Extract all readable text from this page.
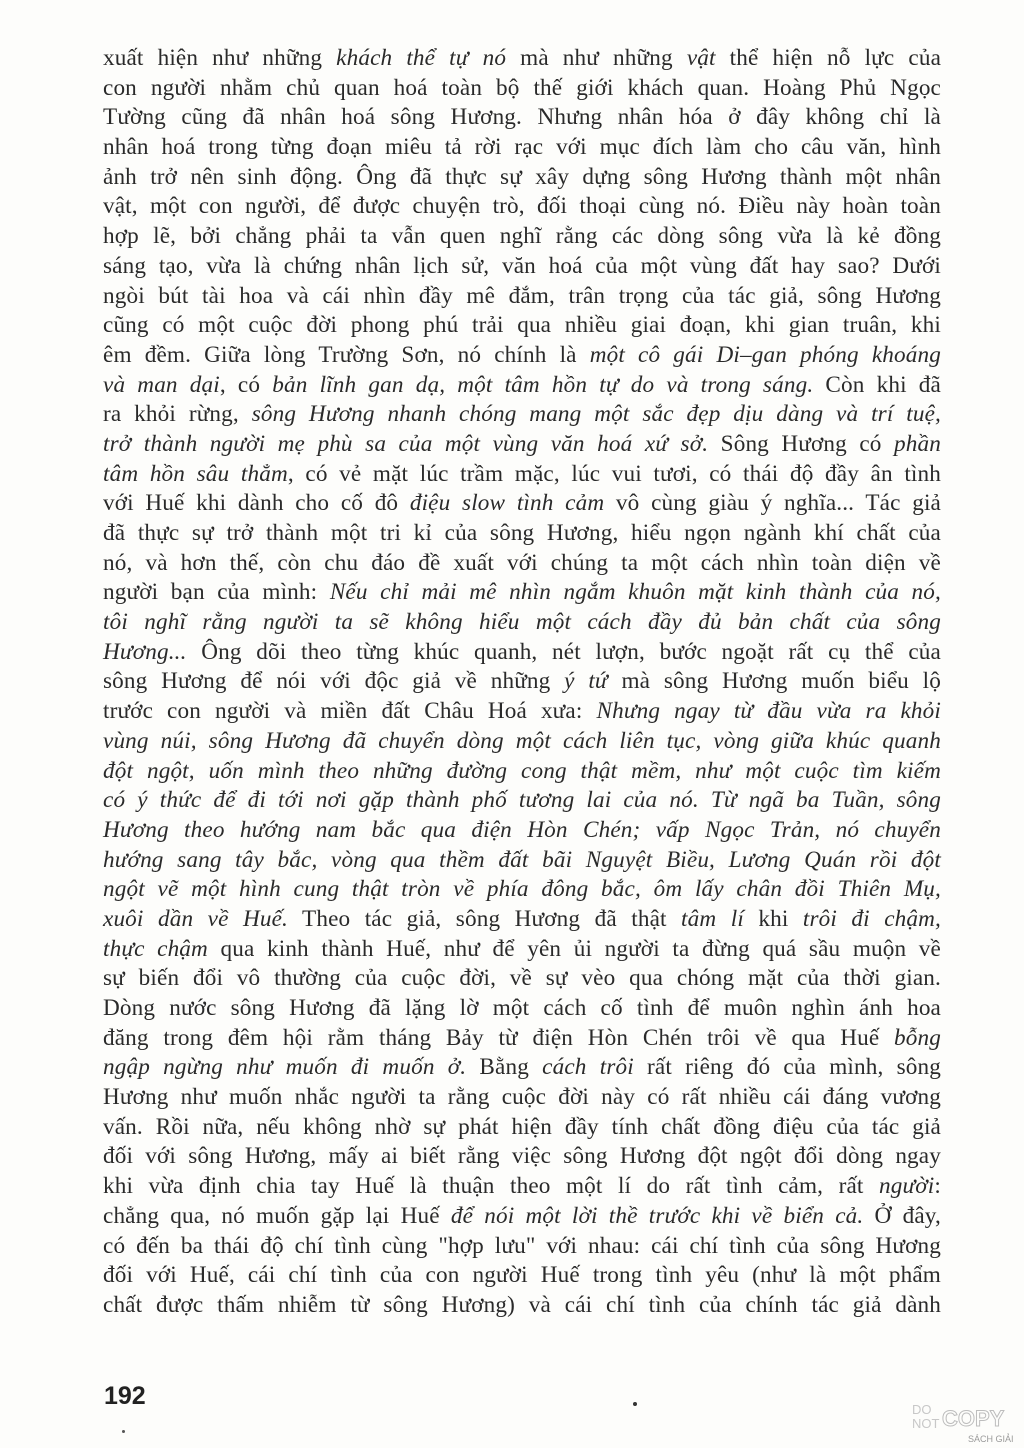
xuất hiện như những khách thể tự nó mà như những vật thể hiện nỗ lực của
con người nhằm chủ quan hoá toàn bộ thế giới khách quan. Hoàng Phủ Ngọc
Tường cũng đã nhân hoá sông Hương. Nhưng nhân hóa ở đây không chỉ là
nhân hoá trong từng đoạn miêu tả rời rạc với mục đích làm cho câu văn, hình
ảnh trở nên sinh động. Ông đã thực sự xây dựng sông Hương thành một nhân
vật, một con người, để được chuyện trò, đối thoại cùng nó. Điều này hoàn toàn
hợp lẽ, bởi chẳng phải ta vẫn quen nghĩ rằng các dòng sông vừa là kẻ đồng
sáng tạo, vừa là chứng nhân lịch sử, văn hoá của một vùng đất hay sao? Dưới
ngòi bút tài hoa và cái nhìn đầy mê đắm, trân trọng của tác giả, sông Hương
cũng có một cuộc đời phong phú trải qua nhiều giai đoạn, khi gian truân, khi
êm đềm. Giữa lòng Trường Sơn, nó chính là một cô gái Di–gan phóng khoáng
và man dại, có bản lĩnh gan dạ, một tâm hồn tự do và trong sáng. Còn khi đã
ra khỏi rừng, sông Hương nhanh chóng mang một sắc đẹp dịu dàng và trí tuệ,
trở thành người mẹ phù sa của một vùng văn hoá xứ sở. Sông Hương có phần
tâm hồn sâu thẳm, có vẻ mặt lúc trầm mặc, lúc vui tươi, có thái độ đầy ân tình
với Huế khi dành cho cố đô điệu slow tình cảm vô cùng giàu ý nghĩa... Tác giả
đã thực sự trở thành một tri kỉ của sông Hương, hiểu ngọn ngành khí chất của
nó, và hơn thế, còn chu đáo đề xuất với chúng ta một cách nhìn toàn diện về
người bạn của mình: Nếu chỉ mải mê nhìn ngắm khuôn mặt kinh thành của nó,
tôi nghĩ rằng người ta sẽ không hiểu một cách đầy đủ bản chất của sông
Hương... Ông dõi theo từng khúc quanh, nét lượn, bước ngoặt rất cụ thể của
sông Hương để nói với độc giả về những ý tứ mà sông Hương muốn biểu lộ
trước con người và miền đất Châu Hoá xưa: Nhưng ngay từ đầu vừa ra khỏi
vùng núi, sông Hương đã chuyển dòng một cách liên tục, vòng giữa khúc quanh
đột ngột, uốn mình theo những đường cong thật mềm, như một cuộc tìm kiếm
có ý thức để đi tới nơi gặp thành phố tương lai của nó. Từ ngã ba Tuần, sông
Hương theo hướng nam bắc qua điện Hòn Chén; vấp Ngọc Trản, nó chuyển
hướng sang tây bắc, vòng qua thềm đất bãi Nguyệt Biều, Lương Quán rồi đột
ngột vẽ một hình cung thật tròn về phía đông bắc, ôm lấy chân đồi Thiên Mụ,
xuôi dần về Huế. Theo tác giả, sông Hương đã thật tâm lí khi trôi đi chậm,
thực chậm qua kinh thành Huế, như để yên ủi người ta đừng quá sầu muộn về
sự biến đổi vô thường của cuộc đời, về sự vèo qua chóng mặt của thời gian.
Dòng nước sông Hương đã lặng lờ một cách cố tình để muôn nghìn ánh hoa
đăng trong đêm hội rằm tháng Bảy từ điện Hòn Chén trôi về qua Huế bỗng
ngập ngừng như muốn đi muốn ở. Bằng cách trôi rất riêng đó của mình, sông
Hương như muốn nhắc người ta rằng cuộc đời này có rất nhiều cái đáng vương
vấn. Rồi nữa, nếu không nhờ sự phát hiện đầy tính chất đồng điệu của tác giả
đối với sông Hương, mấy ai biết rằng việc sông Hương đột ngột đổi dòng ngay
khi vừa định chia tay Huế là thuận theo một lí do rất tình cảm, rất người:
chẳng qua, nó muốn gặp lại Huế để nói một lời thề trước khi về biển cả. Ở đây,
có đến ba thái độ chí tình cùng "hợp lưu" với nhau: cái chí tình của sông Hương
đối với Huế, cái chí tình của con người Huế trong tình yêu (như là một phẩm
chất được thấm nhiễm từ sông Hương) và cái chí tình của chính tác giả dành
192	DO
NOT COPY
SÁCH GIẢI
